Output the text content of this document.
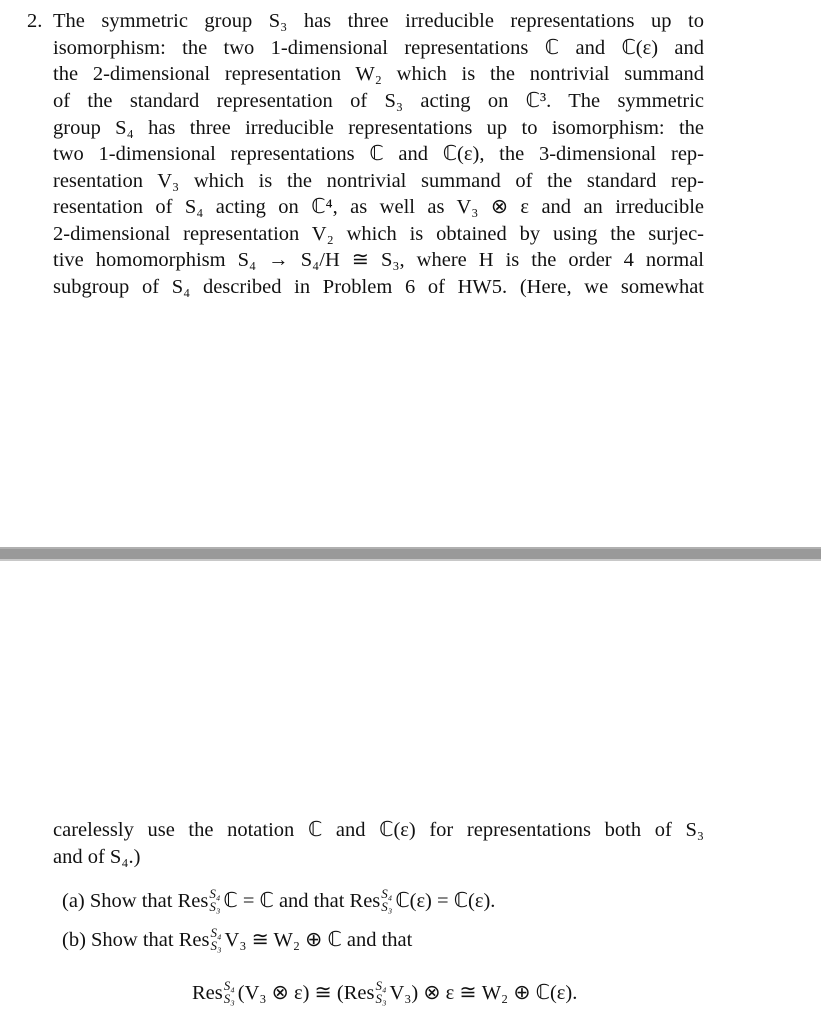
2. The symmetric group S₃ has three irreducible representations up to
isomorphism: the two 1-dimensional representations ℂ and ℂ(ε) and
the 2-dimensional representation W₂ which is the nontrivial summand
of the standard representation of S₃ acting on ℂ³. The symmetric
group S₄ has three irreducible representations up to isomorphism: the
two 1-dimensional representations ℂ and ℂ(ε), the 3-dimensional rep-
resentation V₃ which is the nontrivial summand of the standard rep-
resentation of S₄ acting on ℂ⁴, as well as V₃ ⊗ ε and an irreducible
2-dimensional representation V₂ which is obtained by using the surjec-
tive homomorphism S₄ → S₄/H ≅ S₃, where H is the order 4 normal
subgroup of S₄ described in Problem 6 of HW5. (Here, we somewhat
carelessly use the notation ℂ and ℂ(ε) for representations both of S₃
and of S₄.)
(a) Show that Res S₄
S₃ ℂ = ℂ and that Res S₄
S₃ ℂ(ε) = ℂ(ε).
(b) Show that Res S₄
S₃ V₃ ≅ W₂ ⊕ ℂ and that
Res S₄
S₃ (V₃ ⊗ ε) ≅ (Res S₄
S₃ V₃) ⊗ ε ≅ W₂ ⊕ ℂ(ε).
